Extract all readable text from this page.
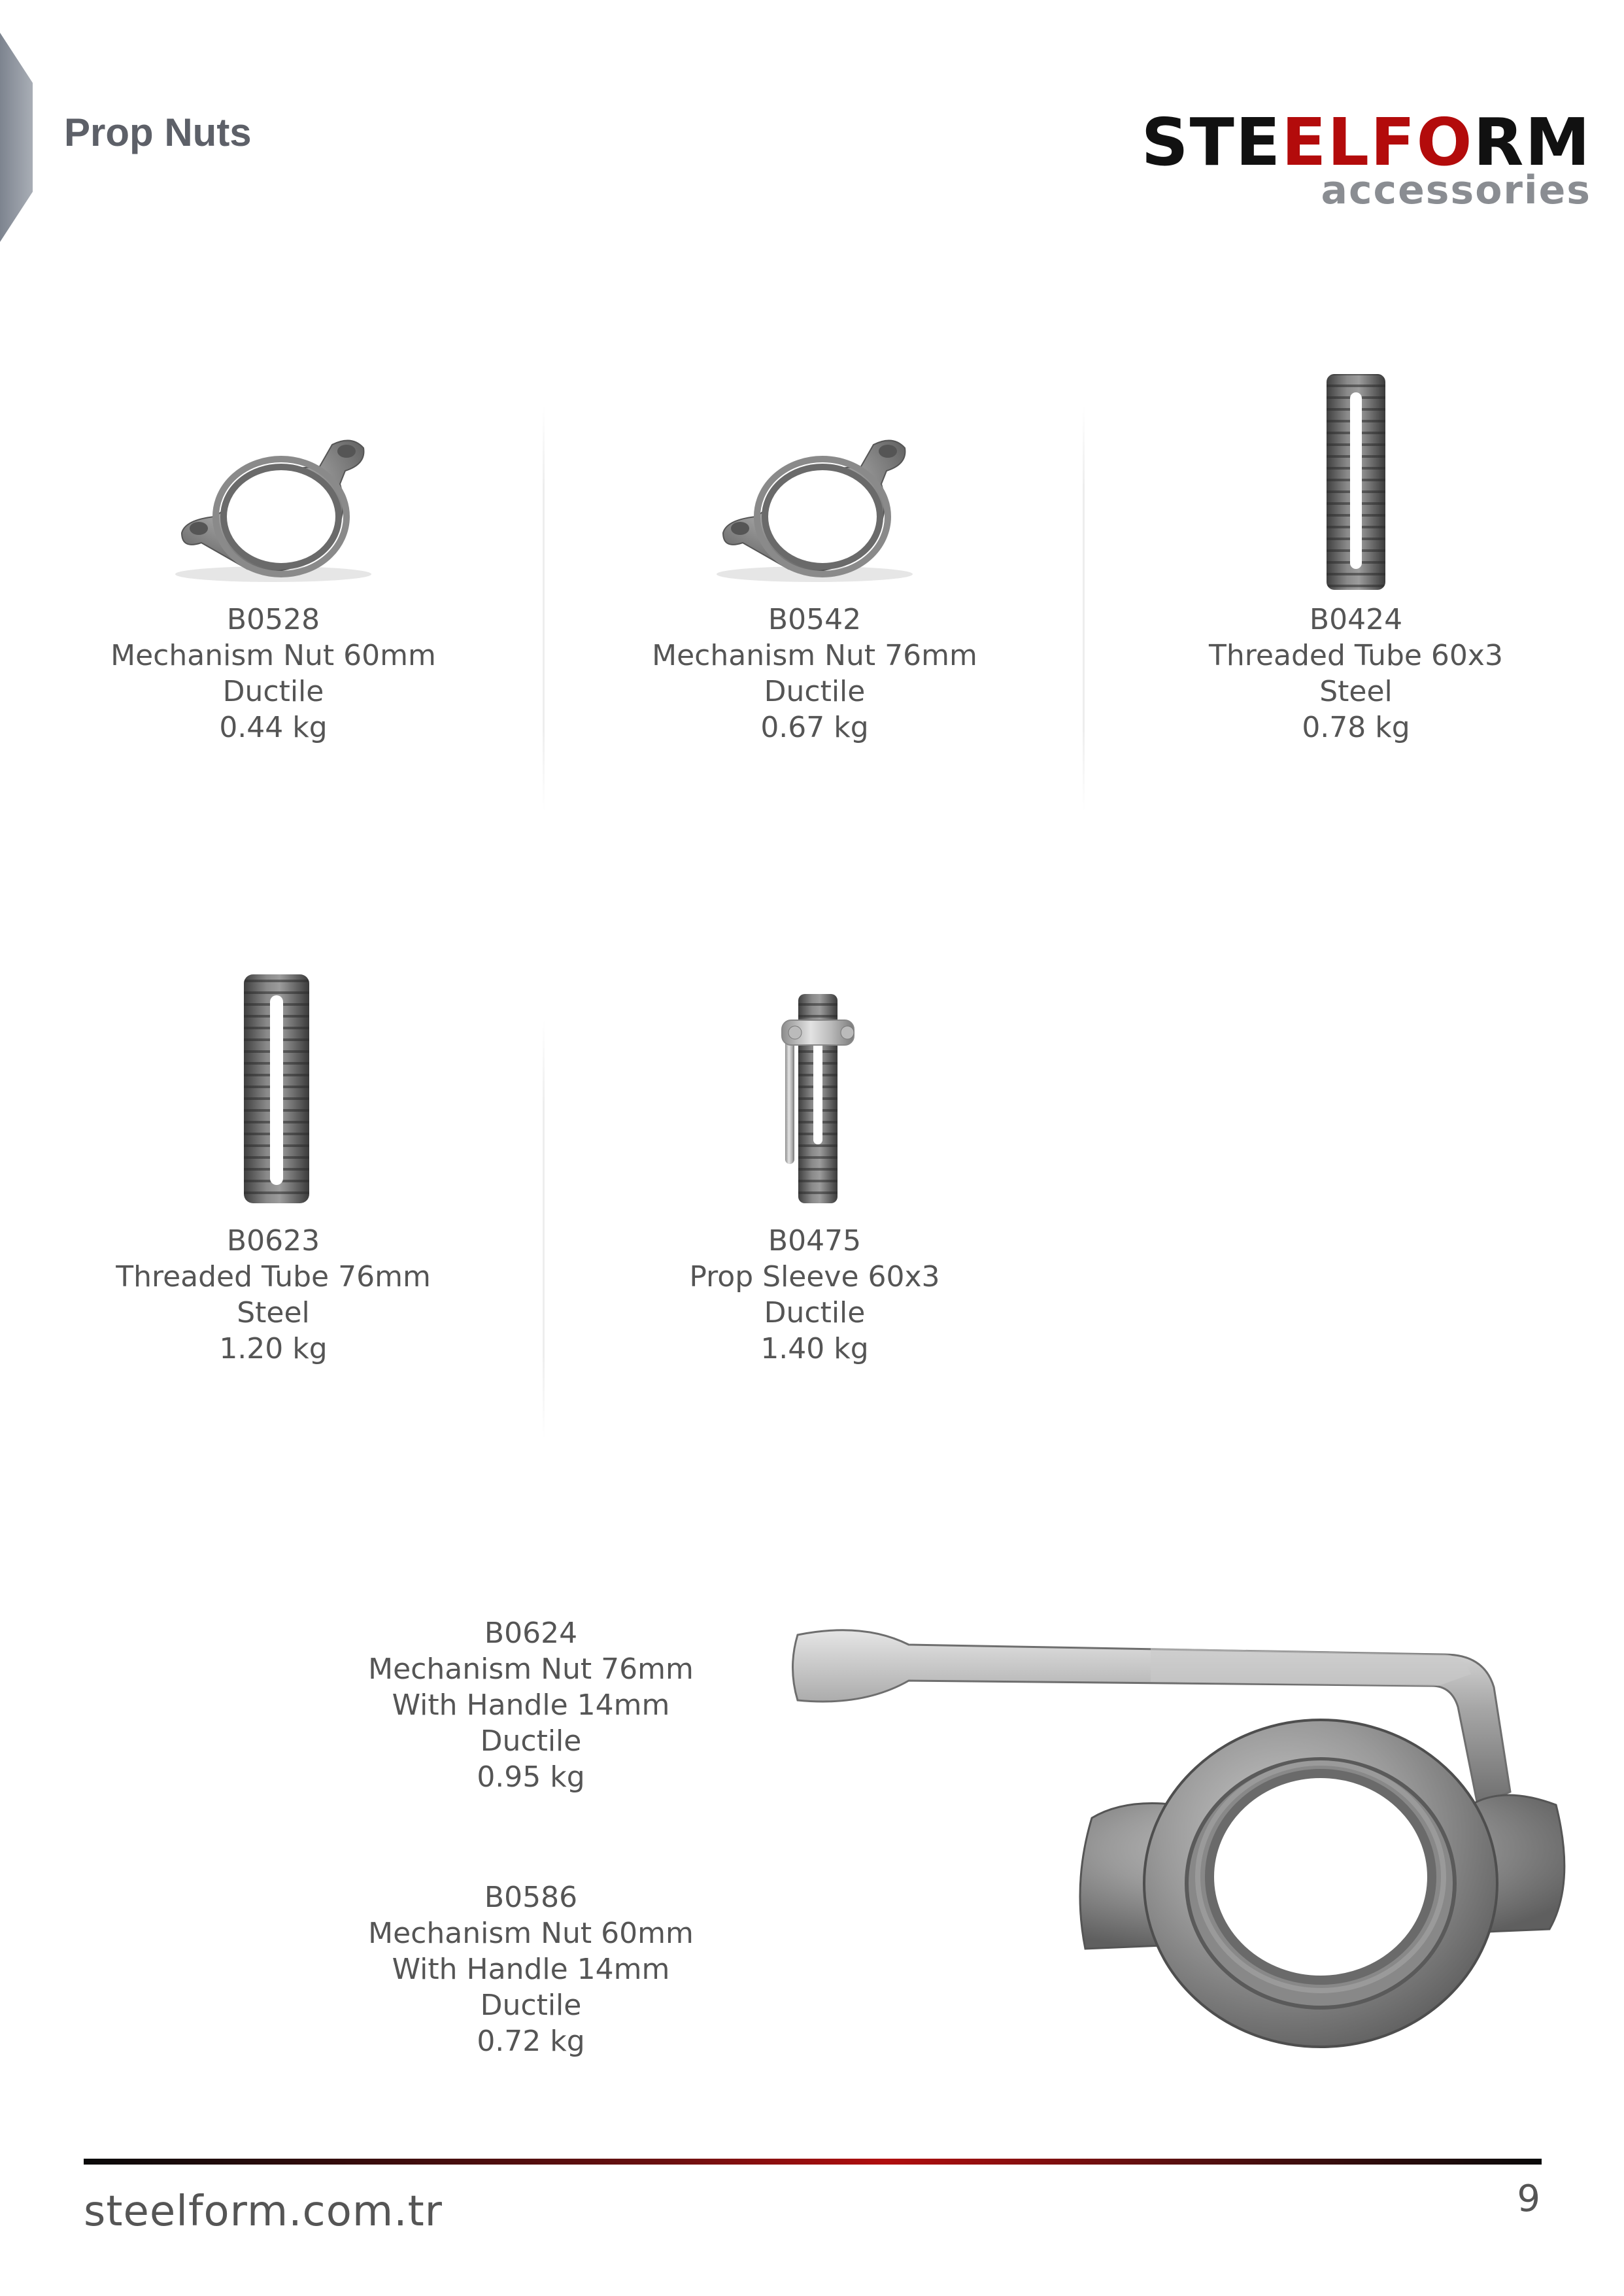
Prop Nuts	STEELFORM
accessories
B0528
Mechanism Nut 60mm
Ductile
0.44 kg
B0542
Mechanism Nut 76mm
Ductile
0.67 kg
B0424
Threaded Tube 60x3
Steel
0.78 kg
B0623
Threaded Tube 76mm
Steel
1.20 kg
B0475
Prop Sleeve 60x3
Ductile
1.40 kg
B0624
Mechanism Nut 76mm
With Handle 14mm
Ductile
0.95 kg
B0586
Mechanism Nut 60mm
With Handle 14mm
Ductile
0.72 kg
steelform.com.tr	9
